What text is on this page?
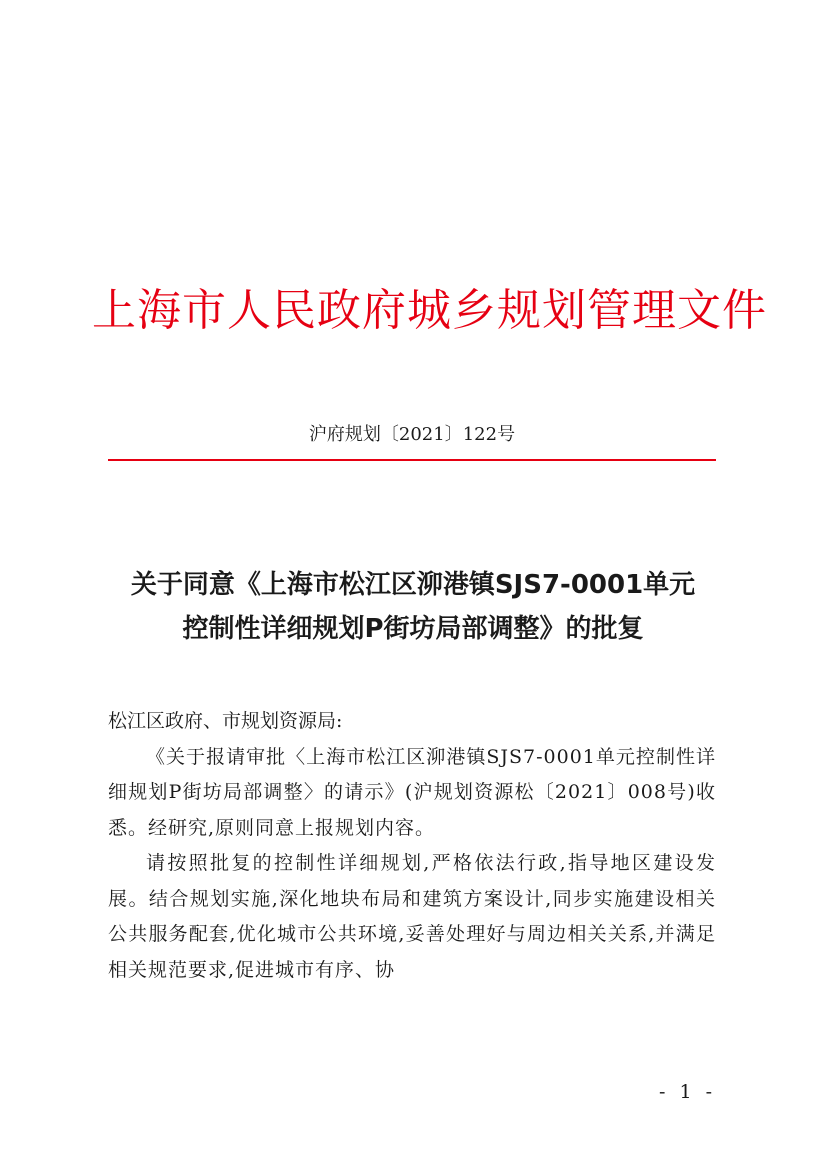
上海市人民政府城乡规划管理文件
沪府规划〔2021〕122号
关于同意《上海市松江区泖港镇SJS7-0001单元
控制性详细规划P街坊局部调整》的批复

松江区政府、市规划资源局:

《关于报请审批〈上海市松江区泖港镇SJS7-0001单元控制性详细规划P街坊局部调整〉的请示》(沪规划资源松〔2021〕008号)收悉。经研究,原则同意上报规划内容。

请按照批复的控制性详细规划,严格依法行政,指导地区建设发展。结合规划实施,深化地块布局和建筑方案设计,同步实施建设相关公共服务配套,优化城市公共环境,妥善处理好与周边相关关系,并满足相关规范要求,促进城市有序、协

- 1 -
